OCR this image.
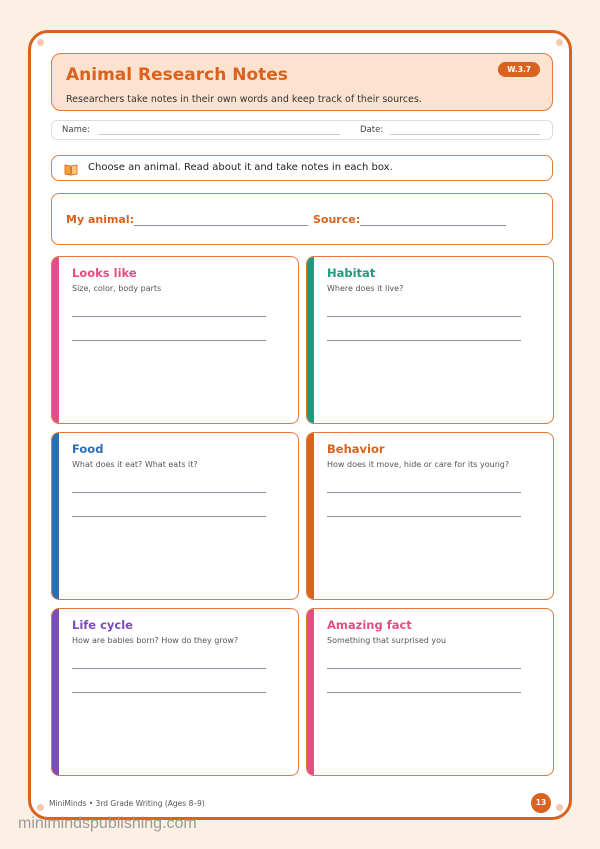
Animal Research Notes
Researchers take notes in their own words and keep track of their sources.
W.3.7
Name:	Date:
Choose an animal. Read about it and take notes in each box.
My animal:	Source:
Looks like
Size, color, body parts
Habitat
Where does it live?
Food
What does it eat? What eats it?
Behavior
How does it move, hide or care for its young?
Life cycle
How are babies born? How do they grow?
Amazing fact
Something that surprised you
MiniMinds • 3rd Grade Writing (Ages 8–9)	13
minimindspublishing.com
